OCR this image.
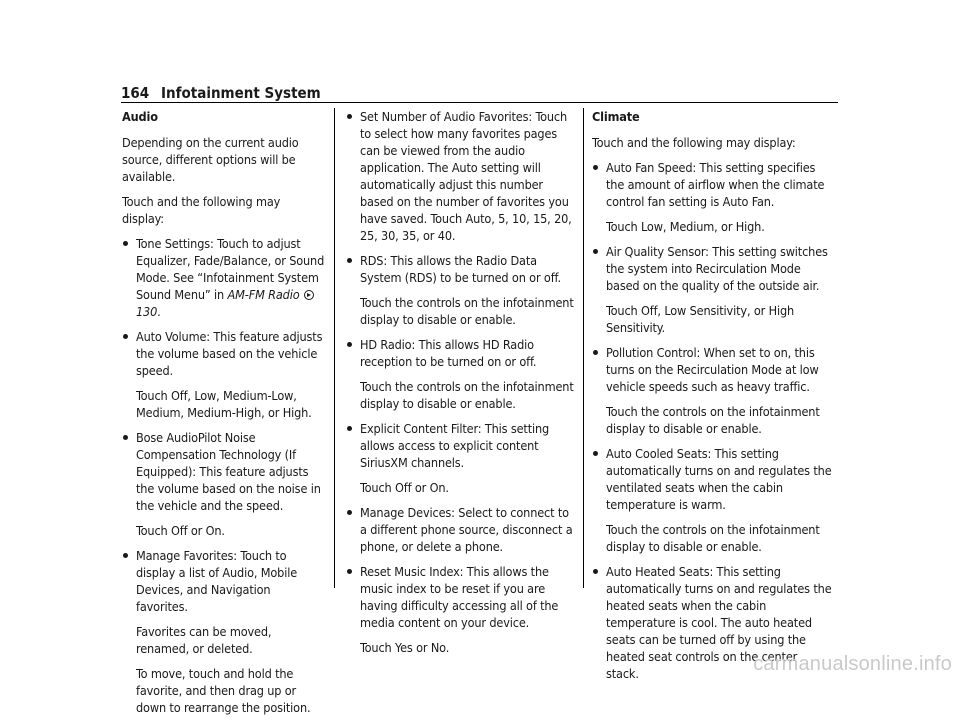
164 Infotainment System
Audio
Depending on the current audio source, different options will be available.
Touch and the following may display:
Tone Settings: Touch to adjust Equalizer, Fade/Balance, or Sound Mode. See “Infotainment System Sound Menu” in AM-FM Radio130.
Auto Volume: This feature adjusts the volume based on the vehicle speed.
Touch Off, Low, Medium-Low, Medium, Medium-High, or High.
Bose AudioPilot Noise Compensation Technology (If Equipped): This feature adjusts the volume based on the noise in the vehicle and the speed.
Touch Off or On.
Manage Favorites: Touch to display a list of Audio, Mobile Devices, and Navigation favorites.
Favorites can be moved, renamed, or deleted.
To move, touch and hold the favorite, and then drag up or down to rearrange the position.
Set Number of Audio Favorites: Touch to select how many favorites pages can be viewed from the audio application. The Auto setting will automatically adjust this number based on the number of favorites you have saved. Touch Auto, 5, 10, 15, 20, 25, 30, 35, or 40.
RDS: This allows the Radio Data System (RDS) to be turned on or off.
Touch the controls on the infotainment display to disable or enable.
HD Radio: This allows HD Radio reception to be turned on or off.
Touch the controls on the infotainment display to disable or enable.
Explicit Content Filter: This setting allows access to explicit content SiriusXM channels.
Touch Off or On.
Manage Devices: Select to connect to a different phone source, disconnect a phone, or delete a phone.
Reset Music Index: This allows the music index to be reset if you are having difficulty accessing all of the media content on your device.
Touch Yes or No.
Climate
Touch and the following may display:
Auto Fan Speed: This setting specifies the amount of airflow when the climate control fan setting is Auto Fan.
Touch Low, Medium, or High.
Air Quality Sensor: This setting switches the system into Recirculation Mode based on the quality of the outside air.
Touch Off, Low Sensitivity, or High Sensitivity.
Pollution Control: When set to on, this turns on the Recirculation Mode at low vehicle speeds such as heavy traffic.
Touch the controls on the infotainment display to disable or enable.
Auto Cooled Seats: This setting automatically turns on and regulates the ventilated seats when the cabin temperature is warm.
Touch the controls on the infotainment display to disable or enable.
Auto Heated Seats: This setting automatically turns on and regulates the heated seats when the cabin temperature is cool. The auto heated seats can be turned off by using the heated seat controls on the center stack.	carmanualsonline.info
